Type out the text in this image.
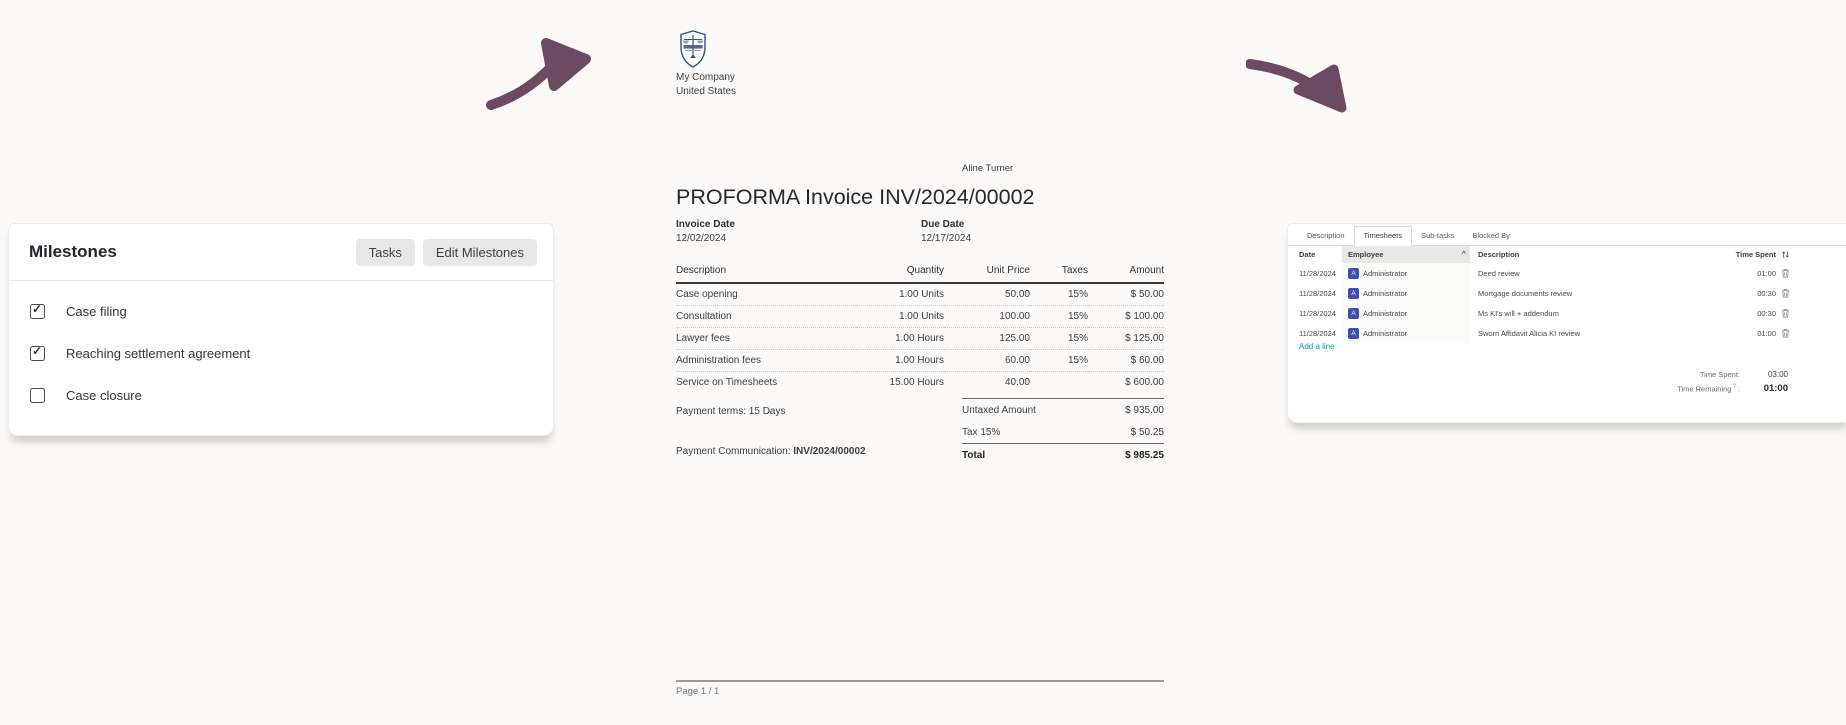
Milestones	Tasks	Edit Milestones
✓
Case filing
✓
Reaching settlement agreement
Case closure
My Company
United States
Aline Turner
PROFORMA Invoice INV/2024/00002
Invoice Date
12/02/2024
Due Date
12/17/2024
Description	Quantity	Unit Price	Taxes	Amount
Case opening	1.00 Units	50.00	15%	$ 50.00
Consultation	1.00 Units	100.00	15%	$ 100.00
Lawyer fees	1.00 Hours	125.00	15%	$ 125.00
Administration fees	1.00 Hours	60.00	15%	$ 60.00
Service on Timesheets	15.00 Hours	40.00		$ 600.00
Payment terms: 15 Days	Untaxed Amount	$ 935.00
Tax 15%	$ 50.25
Total	$ 985.25
Payment Communication: INV/2024/00002
Page 1 / 1
Description	Timesheets	Sub-tasks	Blocked By
Date	Employee	^	Description	Time Spent
11/28/2024	A Administrator	Deed review	01:00
11/28/2024	A Administrator	Mortgage documents review	00:30
11/28/2024	A Administrator	Ms KI's will + addendum	00:30
11/28/2024	A Administrator	Sworn Affidavit Alicia KI review	01:00
Add a line
Time Spent:	03:00
Time Remaining? :	01:00
